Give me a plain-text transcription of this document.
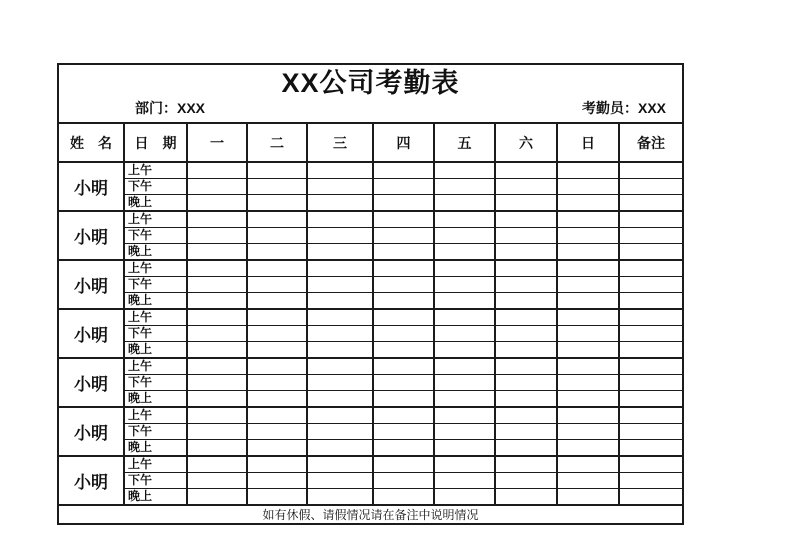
XX公司考勤表
部门：XXX	考勤员：XXX
姓　名	日　期	一	二	三	四	五	六	日	备注
小明	上午								
	下午								
	晚上								
小明	上午								
	下午								
	晚上								
小明	上午								
	下午								
	晚上								
小明	上午								
	下午								
	晚上								
小明	上午								
	下午								
	晚上								
小明	上午								
	下午								
	晚上								
小明	上午								
	下午								
	晚上								
如有休假、请假情况请在备注中说明情况									
